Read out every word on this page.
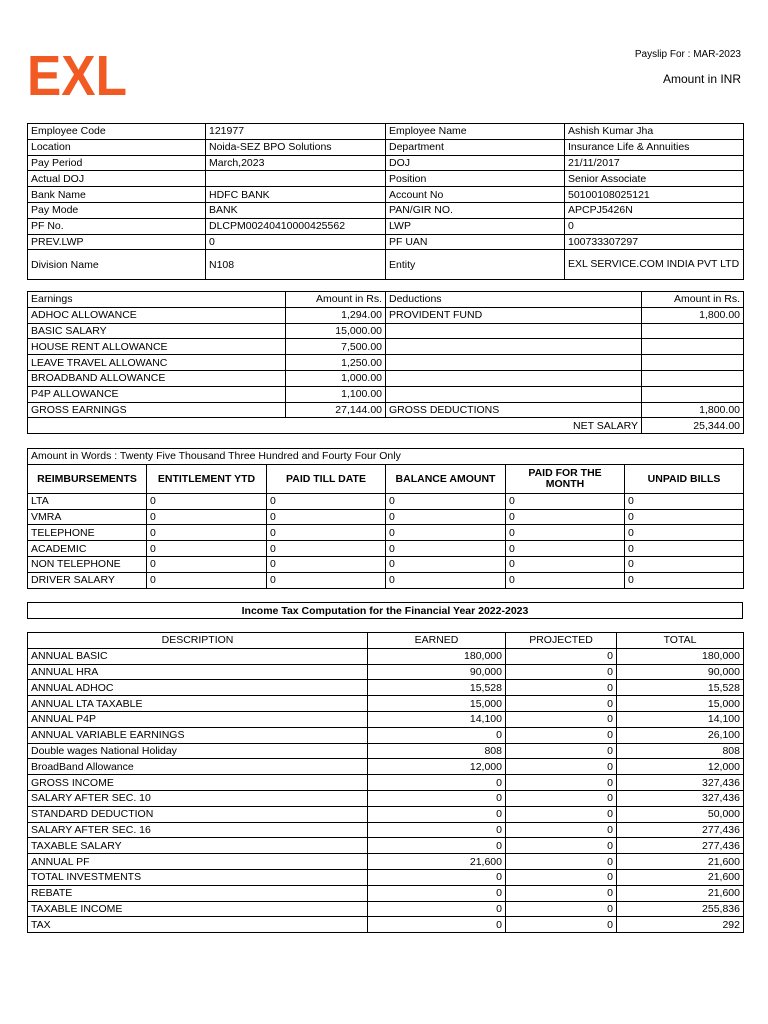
EXL	Payslip For : MAR-2023
Amount in INR
Employee Code	121977	Employee Name	Ashish Kumar Jha
Location	Noida-SEZ BPO Solutions	Department	Insurance Life & Annuities
Pay Period	March,2023	DOJ	21/11/2017
Actual DOJ		Position	Senior Associate
Bank Name	HDFC BANK	Account No	50100108025121
Pay Mode	BANK	PAN/GIR NO.	APCPJ5426N
PF No.	DLCPM00240410000425562	LWP	0
PREV.LWP	0	PF UAN	100733307297
Division Name	N108	Entity	EXL SERVICE.COM INDIA PVT LTD
Earnings	Amount in Rs.	Deductions	Amount in Rs.
ADHOC ALLOWANCE	1,294.00	PROVIDENT FUND	1,800.00
BASIC SALARY	15,000.00		
HOUSE RENT ALLOWANCE	7,500.00		
LEAVE TRAVEL ALLOWANC	1,250.00		
BROADBAND ALLOWANCE	1,000.00		
P4P ALLOWANCE	1,100.00		
GROSS EARNINGS	27,144.00	GROSS DEDUCTIONS	1,800.00
NET SALARY			25,344.00
Amount in Words : Twenty Five Thousand Three Hundred and Fourty Four Only					
REIMBURSEMENTS	ENTITLEMENT YTD	PAID TILL DATE	BALANCE AMOUNT	PAID FOR THE MONTH	UNPAID BILLS
LTA	0	0	0	0	0
VMRA	0	0	0	0	0
TELEPHONE	0	0	0	0	0
ACADEMIC	0	0	0	0	0
NON TELEPHONE	0	0	0	0	0
DRIVER SALARY	0	0	0	0	0
Income Tax Computation for the Financial Year 2022-2023
DESCRIPTION	EARNED	PROJECTED	TOTAL
ANNUAL BASIC	180,000	0	180,000
ANNUAL HRA	90,000	0	90,000
ANNUAL ADHOC	15,528	0	15,528
ANNUAL LTA TAXABLE	15,000	0	15,000
ANNUAL P4P	14,100	0	14,100
ANNUAL VARIABLE EARNINGS	0	0	26,100
Double wages National Holiday	808	0	808
BroadBand Allowance	12,000	0	12,000
GROSS INCOME	0	0	327,436
SALARY AFTER SEC. 10	0	0	327,436
STANDARD DEDUCTION	0	0	50,000
SALARY AFTER SEC. 16	0	0	277,436
TAXABLE SALARY	0	0	277,436
ANNUAL PF	21,600	0	21,600
TOTAL INVESTMENTS	0	0	21,600
REBATE	0	0	21,600
TAXABLE INCOME	0	0	255,836
TAX	0	0	292
